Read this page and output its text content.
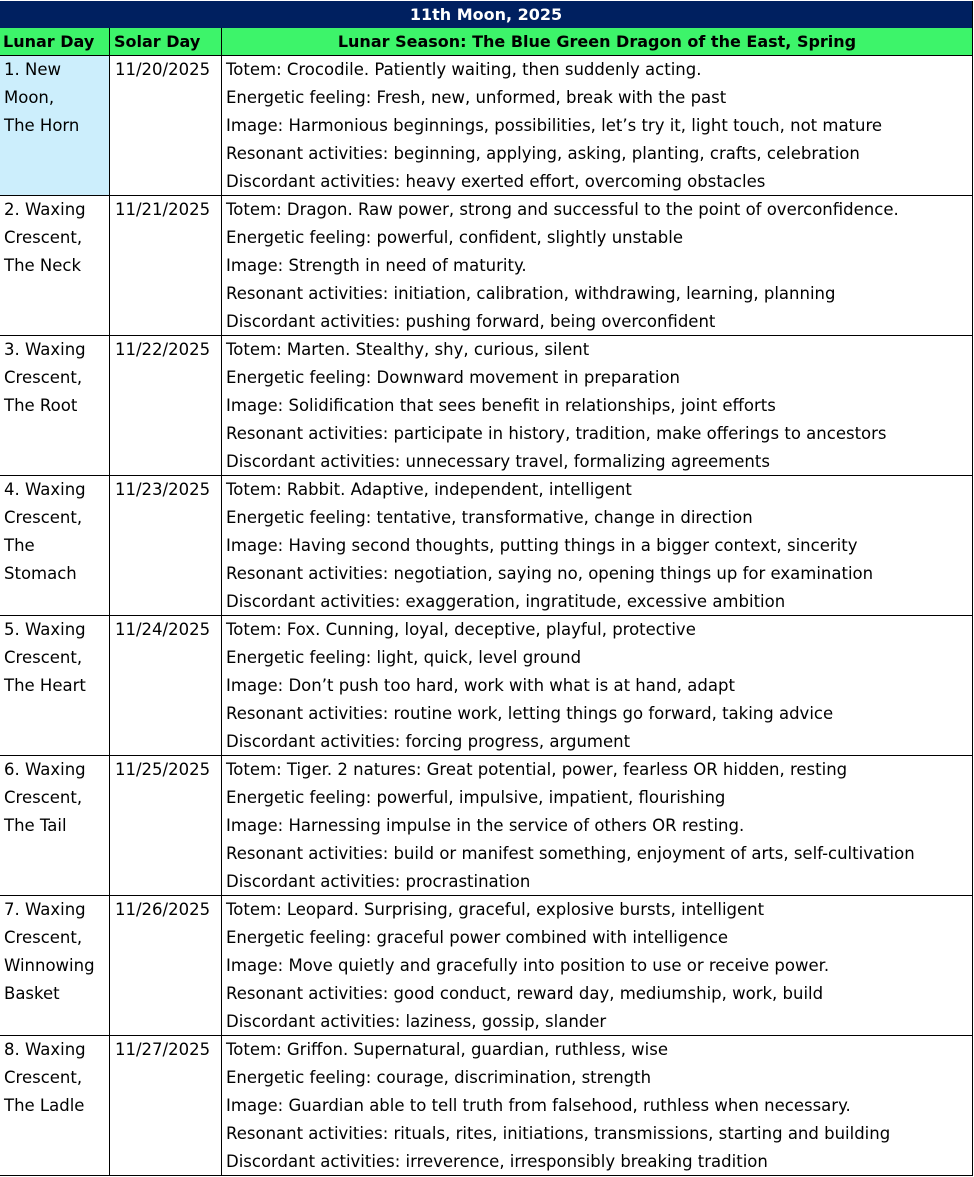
11th Moon, 2025
Lunar Day	Solar Day	Lunar Season: The Blue Green Dragon of the East, Spring
1. New
Moon,
The Horn
11/20/2025 Totem: Crocodile. Patiently waiting, then suddenly acting.
Energetic feeling: Fresh, new, unformed, break with the past
Image: Harmonious beginnings, possibilities, let’s try it, light touch, not mature
Resonant activities: beginning, applying, asking, planting, crafts, celebration
Discordant activities: heavy exerted effort, overcoming obstacles
2. Waxing
Crescent,
The Neck
11/21/2025 Totem: Dragon. Raw power, strong and successful to the point of overconfidence.
Energetic feeling: powerful, confident, slightly unstable
Image: Strength in need of maturity.
Resonant activities: initiation, calibration, withdrawing, learning, planning
Discordant activities: pushing forward, being overconfident
3. Waxing
Crescent,
The Root
11/22/2025 Totem: Marten. Stealthy, shy, curious, silent
Energetic feeling: Downward movement in preparation
Image: Solidification that sees benefit in relationships, joint efforts
Resonant activities: participate in history, tradition, make offerings to ancestors
Discordant activities: unnecessary travel, formalizing agreements
4. Waxing
Crescent,
The
Stomach
11/23/2025 Totem: Rabbit. Adaptive, independent, intelligent
Energetic feeling: tentative, transformative, change in direction
Image: Having second thoughts, putting things in a bigger context, sincerity
Resonant activities: negotiation, saying no, opening things up for examination
Discordant activities: exaggeration, ingratitude, excessive ambition
5. Waxing
Crescent,
The Heart
11/24/2025 Totem: Fox. Cunning, loyal, deceptive, playful, protective
Energetic feeling: light, quick, level ground
Image: Don’t push too hard, work with what is at hand, adapt
Resonant activities: routine work, letting things go forward, taking advice
Discordant activities: forcing progress, argument
6. Waxing
Crescent,
The Tail
11/25/2025 Totem: Tiger. 2 natures: Great potential, power, fearless OR hidden, resting
Energetic feeling: powerful, impulsive, impatient, flourishing
Image: Harnessing impulse in the service of others OR resting.
Resonant activities: build or manifest something, enjoyment of arts, self-cultivation
Discordant activities: procrastination
7. Waxing
Crescent,
Winnowing
Basket
11/26/2025 Totem: Leopard. Surprising, graceful, explosive bursts, intelligent
Energetic feeling: graceful power combined with intelligence
Image: Move quietly and gracefully into position to use or receive power.
Resonant activities: good conduct, reward day, mediumship, work, build
Discordant activities: laziness, gossip, slander
8. Waxing
Crescent,
The Ladle
11/27/2025 Totem: Griffon. Supernatural, guardian, ruthless, wise
Energetic feeling: courage, discrimination, strength
Image: Guardian able to tell truth from falsehood, ruthless when necessary.
Resonant activities: rituals, rites, initiations, transmissions, starting and building
Discordant activities: irreverence, irresponsibly breaking tradition
